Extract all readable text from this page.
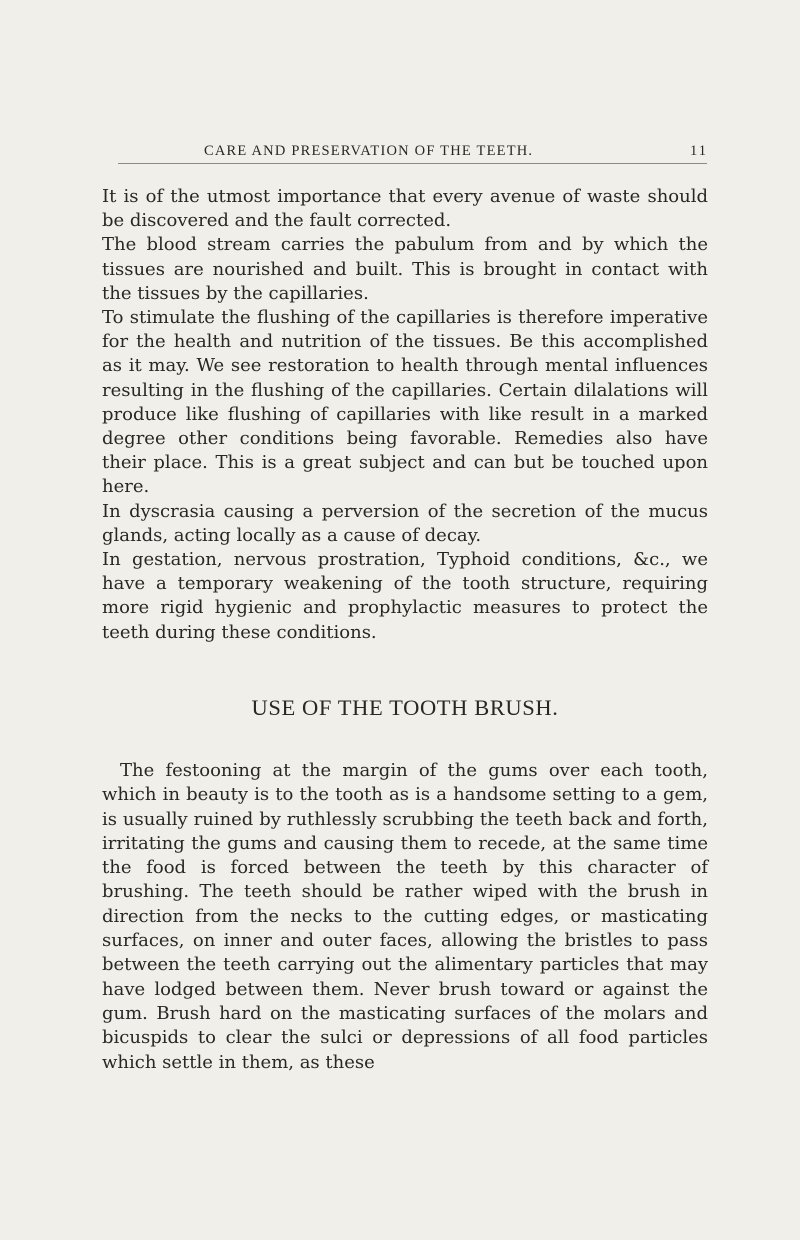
CARE AND PRESERVATION OF THE TEETH.	11

It is of the utmost importance that every avenue of waste should be discovered and the fault corrected.

The blood stream carries the pabulum from and by which the tissues are nourished and built. This is brought in contact with the tissues by the capillaries.

To stimulate the flushing of the capillaries is therefore imperative for the health and nutrition of the tissues. Be this accomplished as it may. We see restoration to health through mental influences resulting in the flushing of the capillaries. Certain dilalations will produce like flushing of capillaries with like result in a marked degree other conditions being favorable. Remedies also have their place. This is a great subject and can but be touched upon here.

In dyscrasia causing a perversion of the secretion of the mucus glands, acting locally as a cause of decay.

In gestation, nervous prostration, Typhoid conditions, &c., we have a temporary weakening of the tooth structure, requiring more rigid hygienic and prophylactic measures to protect the teeth during these conditions.

USE OF THE TOOTH BRUSH.

The festooning at the margin of the gums over each tooth, which in beauty is to the tooth as is a handsome setting to a gem, is usually ruined by ruthlessly scrubbing the teeth back and forth, irritating the gums and causing them to recede, at the same time the food is forced between the teeth by this character of brushing. The teeth should be rather wiped with the brush in direction from the necks to the cutting edges, or masticating surfaces, on inner and outer faces, allowing the bristles to pass between the teeth carrying out the alimentary particles that may have lodged between them. Never brush toward or against the gum. Brush hard on the masticating surfaces of the molars and bicuspids to clear the sulci or depressions of all food particles which settle in them, as these
